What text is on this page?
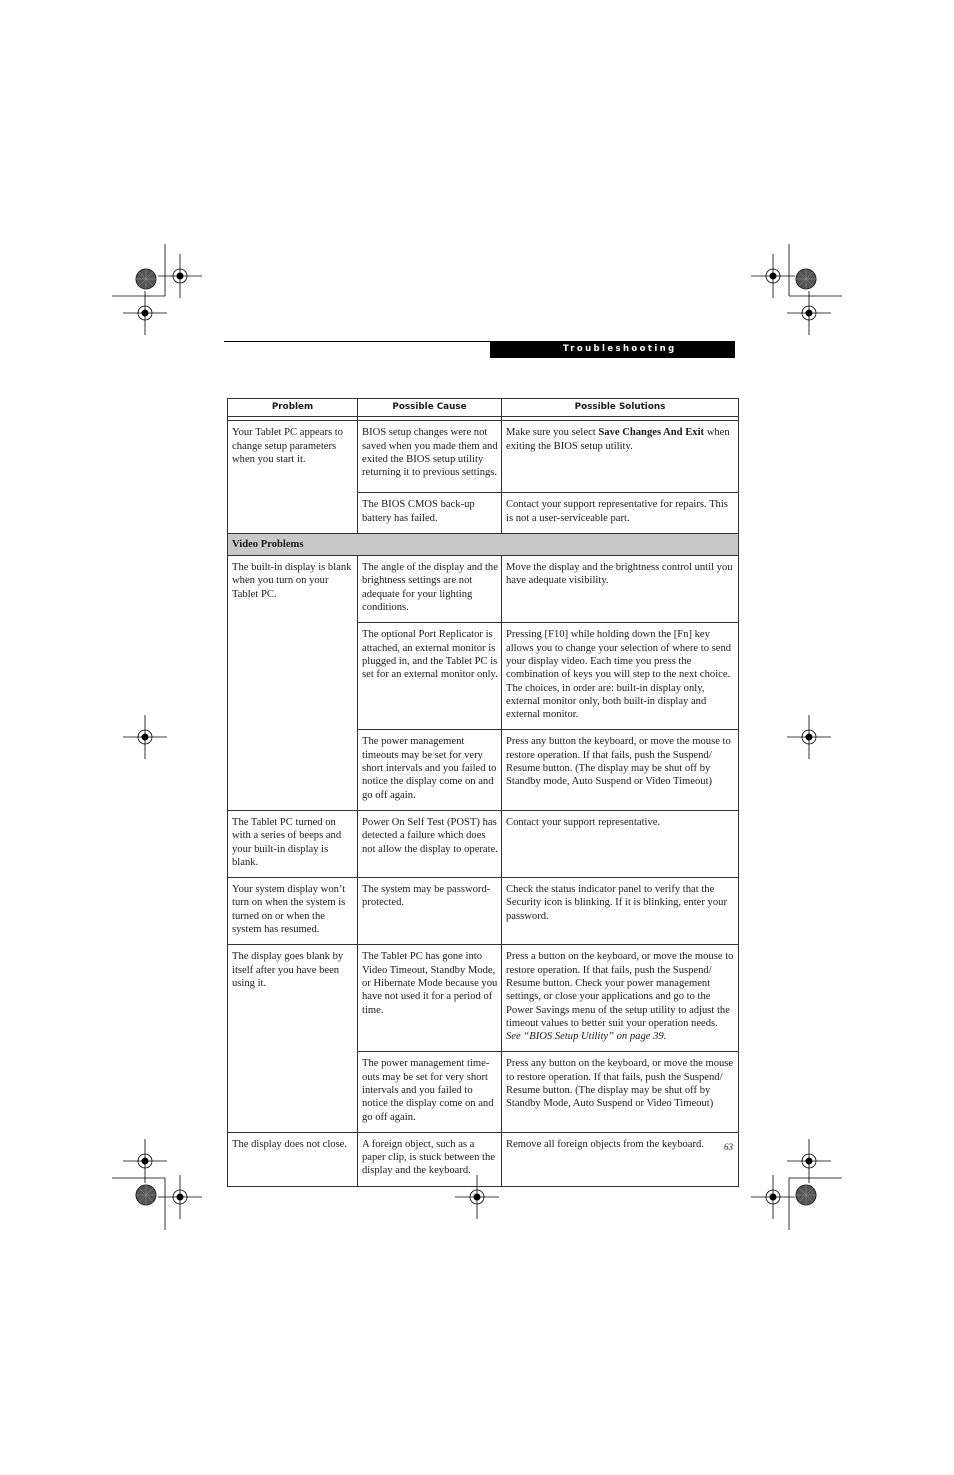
Troubleshooting
Problem	Possible Cause	Possible Solutions

Your Tablet PC appears to change setup parameters when you start it.	BIOS setup changes were not saved when you made them and exited the BIOS setup utility returning it to previous settings.	Make sure you select Save Changes And Exit when exiting the BIOS setup utility.
	The BIOS CMOS back-up battery has failed.	Contact your support representative for repairs. This is not a user-serviceable part.
Video Problems		
The built-in display is blank when you turn on your Tablet PC.	The angle of the display and the brightness settings are not adequate for your lighting conditions.	Move the display and the brightness control until you have adequate visibility.
	The optional Port Replicator is attached, an external monitor is plugged in, and the Tablet PC is set for an external monitor only.	Pressing [F10] while holding down the [Fn] key allows you to change your selection of where to send your display video. Each time you press the combination of keys you will step to the next choice. The choices, in order are: built-in display only, external monitor only, both built-in display and external monitor.
	The power management timeouts may be set for very short intervals and you failed to notice the display come on and go off again.	Press any button the keyboard, or move the mouse to restore operation. If that fails, push the Suspend/ Resume button. (The display may be shut off by Standby mode, Auto Suspend or Video Timeout)
The Tablet PC turned on with a series of beeps and your built-in display is blank.	Power On Self Test (POST) has detected a failure which does not allow the display to operate.	Contact your support representative.
Your system display won’t turn on when the system is turned on or when the system has resumed.	The system may be password-protected.	Check the status indicator panel to verify that the Security icon is blinking. If it is blinking, enter your password.
The display goes blank by itself after you have been using it.	The Tablet PC has gone into Video Timeout, Standby Mode, or Hibernate Mode because you have not used it for a period of time.	Press a button on the keyboard, or move the mouse to restore operation. If that fails, push the Suspend/ Resume button. Check your power management settings, or close your applications and go to the Power Savings menu of the setup utility to adjust the timeout values to better suit your operation needs. See “BIOS Setup Utility” on page 39.
	The power management time-outs may be set for very short intervals and you failed to notice the display come on and go off again.	Press any button on the keyboard, or move the mouse to restore operation. If that fails, push the Suspend/ Resume button. (The display may be shut off by Standby Mode, Auto Suspend or Video Timeout)
The display does not close.	A foreign object, such as a paper clip, is stuck between the display and the keyboard.	Remove all foreign objects from the keyboard. 63
